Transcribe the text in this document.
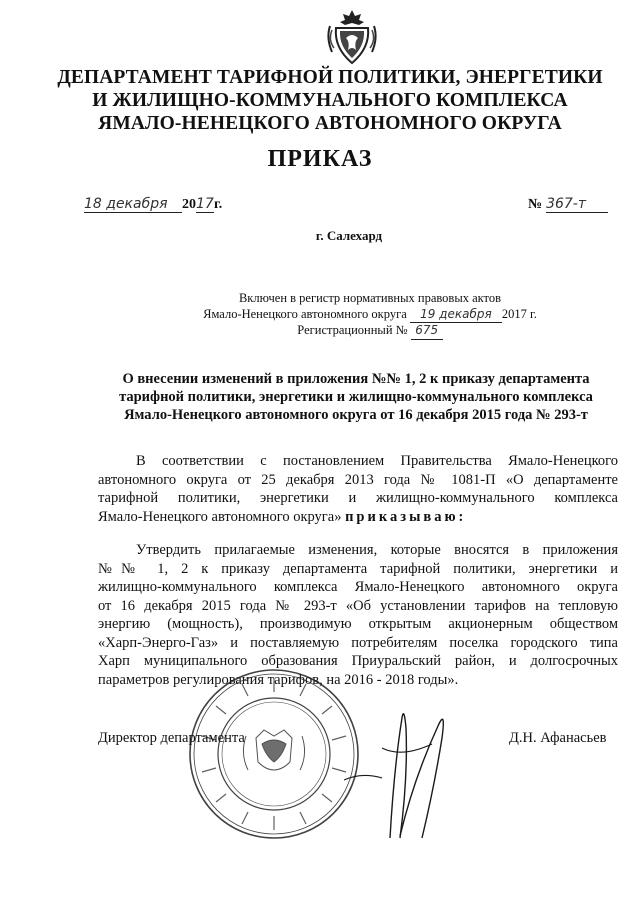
ДЕПАРТАМЕНТ ТАРИФНОЙ ПОЛИТИКИ, ЭНЕРГЕТИКИ
И ЖИЛИЩНО-КОММУНАЛЬНОГО КОМПЛЕКСА
ЯМАЛО-НЕНЕЦКОГО АВТОНОМНОГО ОКРУГА
ПРИКАЗ
18 декабря 2017г.	№ 367-т
г. Салехард
Включен в регистр нормативных правовых актов
Ямало-Ненецкого автономного округа 19 декабря 2017 г.
Регистрационный № 675
О внесении изменений в приложения №№ 1, 2 к приказу департамента
тарифной политики, энергетики и жилищно-коммунального комплекса
Ямало-Ненецкого автономного округа от 16 декабря 2015 года № 293-т
В соответствии с постановлением Правительства Ямало-Ненецкого
автономного округа от 25 декабря 2013 года № 1081-П «О департаменте
тарифной политики, энергетики и жилищно-коммунального комплекса
Ямало-Ненецкого автономного округа» приказываю:
Утвердить прилагаемые изменения, которые вносятся в приложения
№№ 1, 2 к приказу департамента тарифной политики, энергетики и
жилищно-коммунального комплекса Ямало-Ненецкого автономного округа
от 16 декабря 2015 года № 293-т «Об установлении тарифов на тепловую
энергию (мощность), производимую открытым акционерным обществом
«Харп-Энерго-Газ» и поставляемую потребителям поселка городского типа
Харп муниципального образования Приуральский район, и долгосрочных
параметров регулирования тарифов, на 2016 - 2018 годы».
Директор департамента	Д.Н. Афанасьев
